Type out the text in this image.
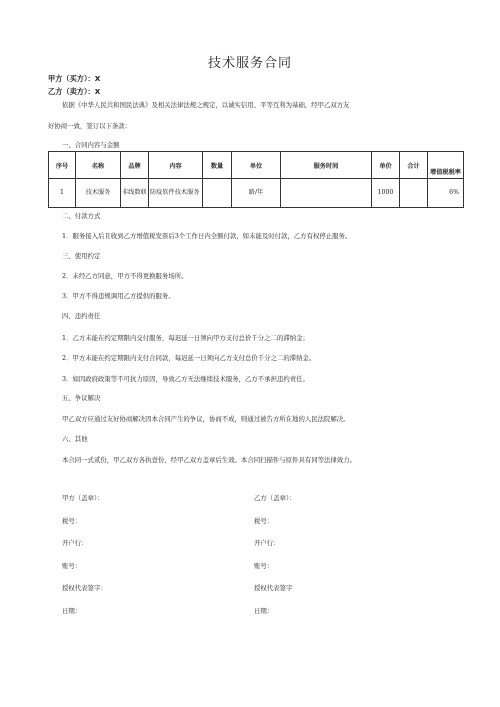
技术服务合同
甲方（买方）：X
乙方（卖方）：X
依据《中华人民共和国民法典》及相关法律法规之规定，以诚实信用、平等互利为基础，经甲乙双方友
好协商一致，签订以下条款：
一、合同内容与金额
序号	名称	品牌	内容	数量	单位	服务时间	单价	合计	增值税税率
1	技术服务	非线数联	防疫软件技术服务		路/年		1000		6%
二、付款方式
1．服务接入后且收到乙方增值税发票后3个工作日内全额付款，如未能及时付款，乙方有权停止服务。
三、使用约定
2．未经乙方同意，甲方不得更换服务场所。
3．甲方不得违规调用乙方提供的服务。
四、违约责任
1．乙方未能在约定期限内交付服务，每迟延一日须向甲方支付总价千分之二的滞纳金；
2．甲方未能在约定期限内支付合同款，每迟延一日须向乙方支付总价千分之二的滞纳金。
3．如因政府政策等不可抗力原因，导致乙方无法继续技术服务，乙方不承担违约责任。
五、争议解决
甲乙双方应通过友好协商解决因本合同产生的争议，协商不成，则通过被告方所在地的人民法院解决。
六、其他
本合同一式贰份，甲乙双方各执壹份，经甲乙双方盖章后生效。本合同扫描件与原件具有同等法律效力。
甲方（盖章）：
税号：
开户行：
账号：
授权代表签字：
日期：
乙方（盖章）：
税号：
开户行：
账号：
授权代表签字
日期：
